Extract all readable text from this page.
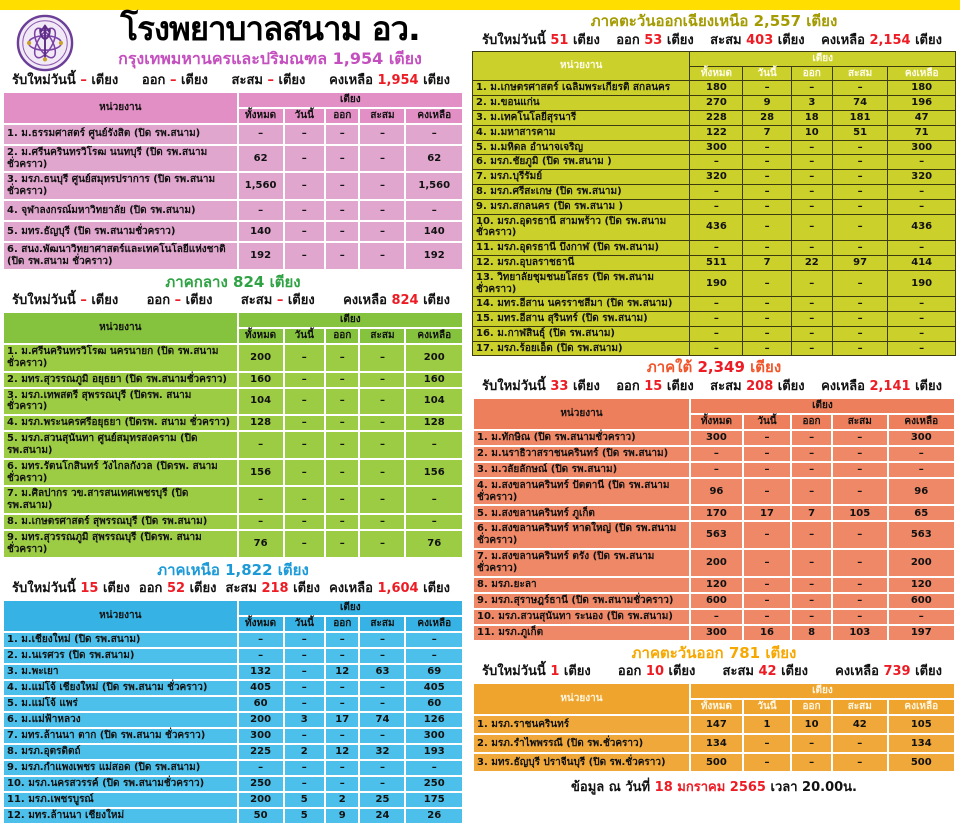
โรงพยาบาลสนาม อว.
กรุงเทพมหานครและปริมณฑล 1,954 เตียง
รับใหม่วันนี้ – เตียง ออก – เตียง สะสม – เตียง คงเหลือ 1,954 เตียง
หน่วยงาน	เตียง				
	ทั้งหมด	วันนี้	ออก	สะสม	คงเหลือ
1. ม.ธรรมศาสตร์ ศูนย์รังสิต (ปิด รพ.สนาม)	–	–	–	–	–
2. ม.ศรีนครินทรวิโรฒ นนทบุรี (ปิด รพ.สนามชั่วคราว)	62	–	–	–	62
3. มรภ.ธนบุรี ศูนย์สมุทรปราการ (ปิด รพ.สนามชั่วคราว)	1,560	–	–	–	1,560
4. จุฬาลงกรณ์มหาวิทยาลัย (ปิด รพ.สนาม)	–	–	–	–	–
5. มทร.ธัญบุรี (ปิด รพ.สนามชั่วคราว)	140	–	–	–	140
6. สนง.พัฒนาวิทยาศาสตร์และเทคโนโลยีแห่งชาติ (ปิด รพ.สนาม ชั่วคราว)	192	–	–	–	192
ภาคกลาง 824 เตียง
รับใหม่วันนี้ – เตียง ออก – เตียง สะสม – เตียง คงเหลือ 824 เตียง
หน่วยงาน	เตียง				
	ทั้งหมด	วันนี้	ออก	สะสม	คงเหลือ
1. ม.ศรีนครินทรวิโรฒ นครนายก (ปิด รพ.สนามชั่วคราว)	200	–	–	–	200
2. มทร.สุวรรณภูมิ อยุธยา (ปิด รพ.สนามชั่วคราว)	160	–	–	–	160
3. มรภ.เทพสตรี สุพรรณบุรี (ปิดรพ. สนาม ชั่วคราว)	104	–	–	–	104
4. มรภ.พระนครศรีอยุธยา (ปิดรพ. สนาม ชั่วคราว)	128	–	–	–	128
5. มรภ.สวนสุนันทา ศูนย์สมุทรสงคราม (ปิด รพ.สนาม)	–	–	–	–	–
6. มทร.รัตนโกสินทร์ วังไกลกังวล (ปิดรพ. สนาม ชั่วคราว)	156	–	–	–	156
7. ม.ศิลปากร วข.สารสนเทศเพชรบุรี (ปิด รพ.สนาม)	–	–	–	–	–
8. ม.เกษตรศาสตร์ สุพรรณบุรี (ปิด รพ.สนาม)	–	–	–	–	–
9. มทร.สุวรรณภูมิ สุพรรณบุรี (ปิดรพ. สนาม ชั่วคราว)	76	–	–	–	76
ภาคเหนือ 1,822 เตียง
รับใหม่วันนี้ 15 เตียง ออก 52 เตียง สะสม 218 เตียง คงเหลือ 1,604 เตียง
หน่วยงาน	เตียง				
	ทั้งหมด	วันนี้	ออก	สะสม	คงเหลือ
1. ม.เชียงใหม่ (ปิด รพ.สนาม)	–	–	–	–	–
2. ม.นเรศวร (ปิด รพ.สนาม)	–	–	–	–	–
3. ม.พะเยา	132	–	12	63	69
4. ม.แม่โจ้ เชียงใหม่ (ปิด รพ.สนาม ชั่วคราว)	405	–	–	–	405
5. ม.แม่โจ้ แพร่	60	–	–	–	60
6. ม.แม่ฟ้าหลวง	200	3	17	74	126
7. มทร.ล้านนา ตาก (ปิด รพ.สนาม ชั่วคราว)	300	–	–	–	300
8. มรภ.อุตรดิตถ์	225	2	12	32	193
9. มรภ.กำแพงเพชร แม่สอด (ปิด รพ.สนาม)	–	–	–	–	–
10. มรภ.นครสวรรค์ (ปิด รพ.สนามชั่วคราว)	250	–	–	–	250
11. มรภ.เพชรบูรณ์	200	5	2	25	175
12. มทร.ล้านนา เชียงใหม่	50	5	9	24	26
ภาคตะวันออกเฉียงเหนือ 2,557 เตียง
รับใหม่วันนี้ 51 เตียง ออก 53 เตียง สะสม 403 เตียง คงเหลือ 2,154 เตียง
หน่วยงาน	เตียง				
	ทั้งหมด	วันนี้	ออก	สะสม	คงเหลือ
1. ม.เกษตรศาสตร์ เฉลิมพระเกียรติ สกลนคร	180	–	–	–	180
2. ม.ขอนแก่น	270	9	3	74	196
3. ม.เทคโนโลยีสุรนารี	228	28	18	181	47
4. ม.มหาสารคาม	122	7	10	51	71
5. ม.มหิดล อำนาจเจริญ	300	–	–	–	300
6. มรภ.ชัยภูมิ (ปิด รพ.สนาม )	–	–	–	–	–
7. มรภ.บุรีรัมย์	320	–	–	–	320
8. มรภ.ศรีสะเกษ (ปิด รพ.สนาม)	–	–	–	–	–
9. มรภ.สกลนคร (ปิด รพ.สนาม )	–	–	–	–	–
10. มรภ.อุดรธานี สามพร้าว (ปิด รพ.สนาม ชั่วคราว)	436	–	–	–	436
11. มรภ.อุดรธานี บึงกาฬ (ปิด รพ.สนาม)	–	–	–	–	–
12. มรภ.อุบลราชธานี	511	7	22	97	414
13. วิทยาลัยชุมชนยโสธร (ปิด รพ.สนาม ชั่วคราว)	190	–	–	–	190
14. มทร.อีสาน นครราชสีมา (ปิด รพ.สนาม)	–	–	–	–	–
15. มทร.อีสาน สุรินทร์ (ปิด รพ.สนาม)	–	–	–	–	–
16. ม.กาฬสินธุ์ (ปิด รพ.สนาม)	–	–	–	–	–
17. มรภ.ร้อยเอ็ด (ปิด รพ.สนาม)	–	–	–	–	–
ภาคใต้ 2,349 เตียง
รับใหม่วันนี้ 33 เตียง ออก 15 เตียง สะสม 208 เตียง คงเหลือ 2,141 เตียง
หน่วยงาน	เตียง				
	ทั้งหมด	วันนี้	ออก	สะสม	คงเหลือ
1. ม.ทักษิณ (ปิด รพ.สนามชั่วคราว)	300	–	–	–	300
2. ม.นราธิวาสราชนครินทร์ (ปิด รพ.สนาม)	–	–	–	–	–
3. ม.วลัยลักษณ์ (ปิด รพ.สนาม)	–	–	–	–	–
4. ม.สงขลานครินทร์ ปัตตานี (ปิด รพ.สนามชั่วคราว)	96	–	–	–	96
5. ม.สงขลานครินทร์ ภูเก็ต	170	17	7	105	65
6. ม.สงขลานครินทร์ หาดใหญ่ (ปิด รพ.สนามชั่วคราว)	563	–	–	–	563
7. ม.สงขลานครินทร์ ตรัง (ปิด รพ.สนามชั่วคราว)	200	–	–	–	200
8. มรภ.ยะลา	120	–	–	–	120
9. มรภ.สุราษฎร์ธานี (ปิด รพ.สนามชั่วคราว)	600	–	–	–	600
10. มรภ.สวนสุนันทา ระนอง (ปิด รพ.สนาม)	–	–	–	–	–
11. มรภ.ภูเก็ต	300	16	8	103	197
ภาคตะวันออก 781 เตียง
รับใหม่วันนี้ 1 เตียง ออก 10 เตียง สะสม 42 เตียง คงเหลือ 739 เตียง
หน่วยงาน	เตียง				
	ทั้งหมด	วันนี้	ออก	สะสม	คงเหลือ
1. มรภ.ราชนครินทร์	147	1	10	42	105
2. มรภ.รำไพพรรณี (ปิด รพ.ชั่วคราว)	134	–	–	–	134
3. มทร.ธัญบุรี ปราจีนบุรี (ปิด รพ.ชั่วคราว)	500	–	–	–	500
ข้อมูล ณ วันที่ 18 มกราคม 2565 เวลา 20.00น.
